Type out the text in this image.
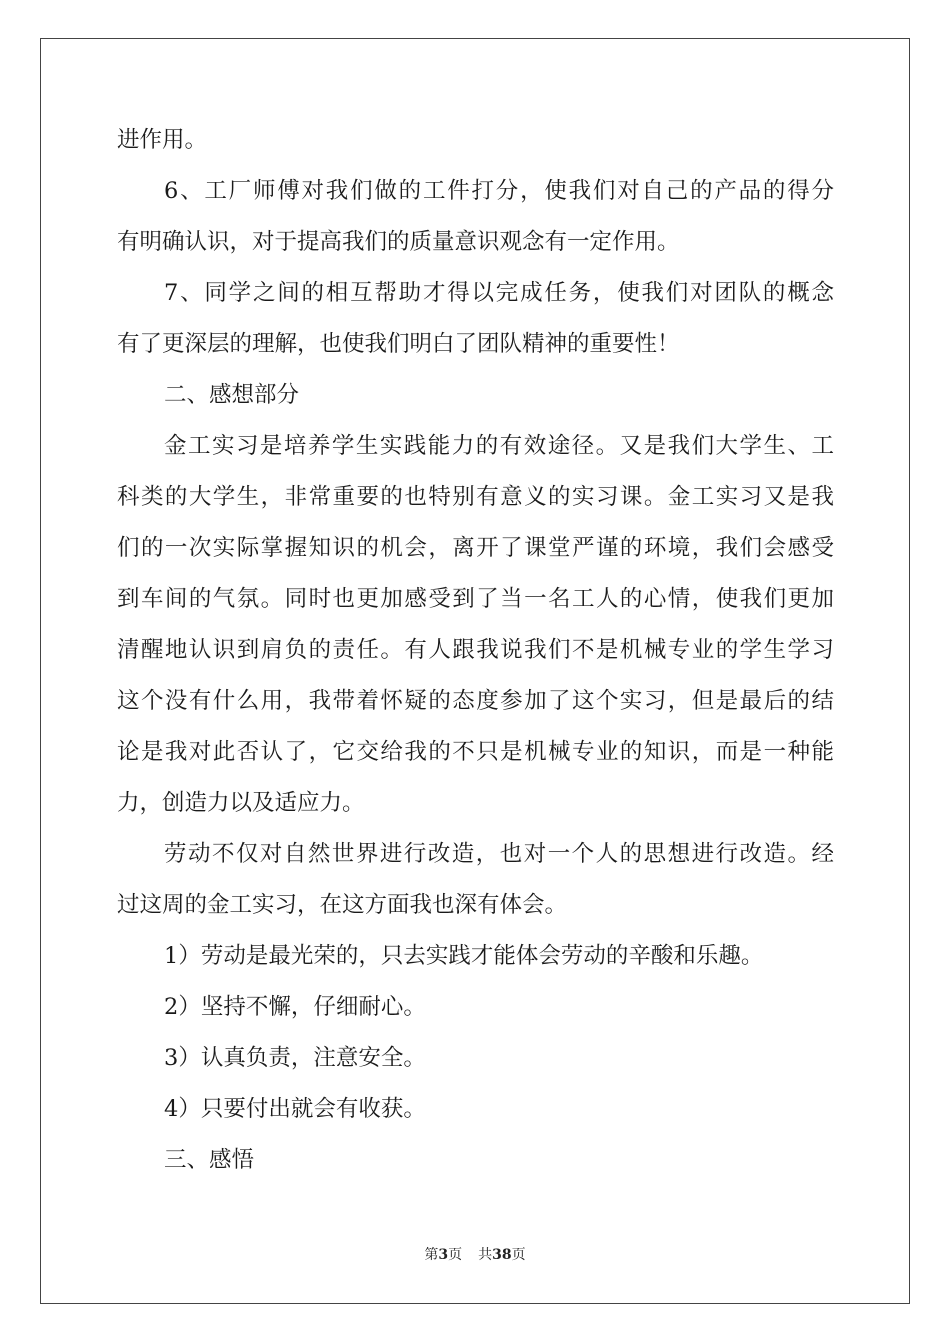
进作用。
6、工厂师傅对我们做的工件打分，使我们对自己的产品的得分
有明确认识，对于提高我们的质量意识观念有一定作用。
7、同学之间的相互帮助才得以完成任务，使我们对团队的概念
有了更深层的理解，也使我们明白了团队精神的重要性！
二、感想部分
金工实习是培养学生实践能力的有效途径。又是我们大学生、工
科类的大学生，非常重要的也特别有意义的实习课。金工实习又是我
们的一次实际掌握知识的机会，离开了课堂严谨的环境，我们会感受
到车间的气氛。同时也更加感受到了当一名工人的心情，使我们更加
清醒地认识到肩负的责任。有人跟我说我们不是机械专业的学生学习
这个没有什么用，我带着怀疑的态度参加了这个实习，但是最后的结
论是我对此否认了，它交给我的不只是机械专业的知识，而是一种能
力，创造力以及适应力。
劳动不仅对自然世界进行改造，也对一个人的思想进行改造。经
过这周的金工实习，在这方面我也深有体会。
1）劳动是最光荣的，只去实践才能体会劳动的辛酸和乐趣。
2）坚持不懈，仔细耐心。
3）认真负责，注意安全。
4）只要付出就会有收获。
三、感悟
第3页 共38页
